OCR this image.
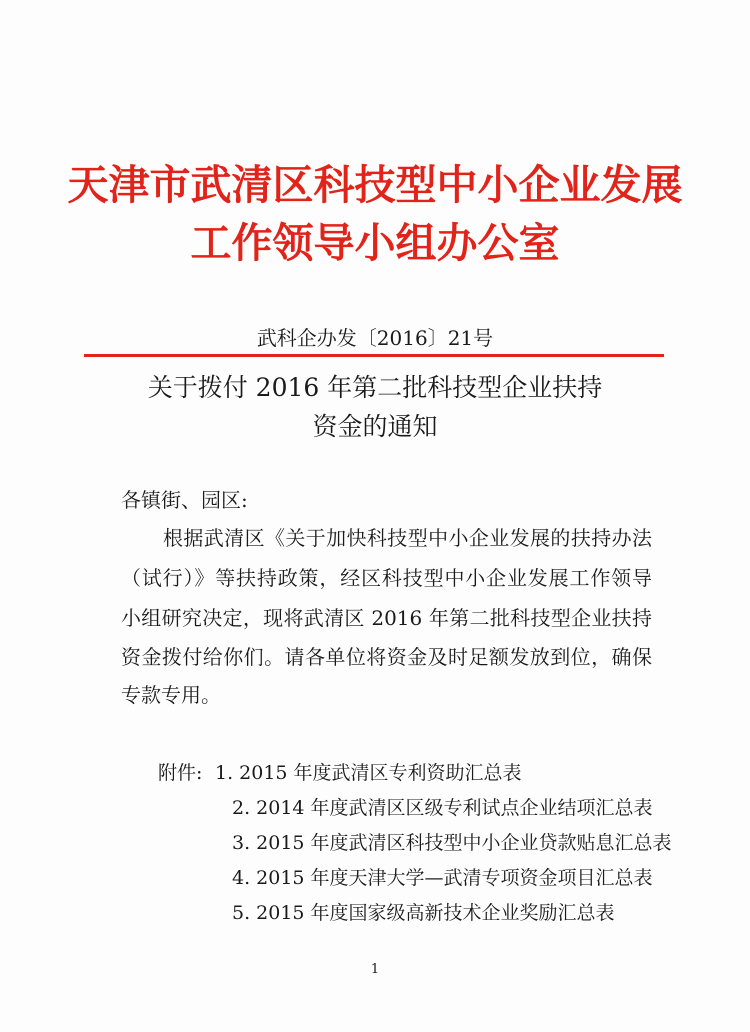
天津市武清区科技型中小企业发展
工作领导小组办公室
武科企办发〔2016〕21号
关于拨付 2016 年第二批科技型企业扶持
资金的通知
各镇街、园区:
根据武清区《关于加快科技型中小企业发展的扶持办法
（试行）》等扶持政策，经区科技型中小企业发展工作领导
小组研究决定，现将武清区 2016 年第二批科技型企业扶持
资金拨付给你们。请各单位将资金及时足额发放到位，确保
专款专用。
附件: 1. 2015 年度武清区专利资助汇总表
2. 2014 年度武清区区级专利试点企业结项汇总表
3. 2015 年度武清区科技型中小企业贷款贴息汇总表
4. 2015 年度天津大学—武清专项资金项目汇总表
5. 2015 年度国家级高新技术企业奖励汇总表
1
